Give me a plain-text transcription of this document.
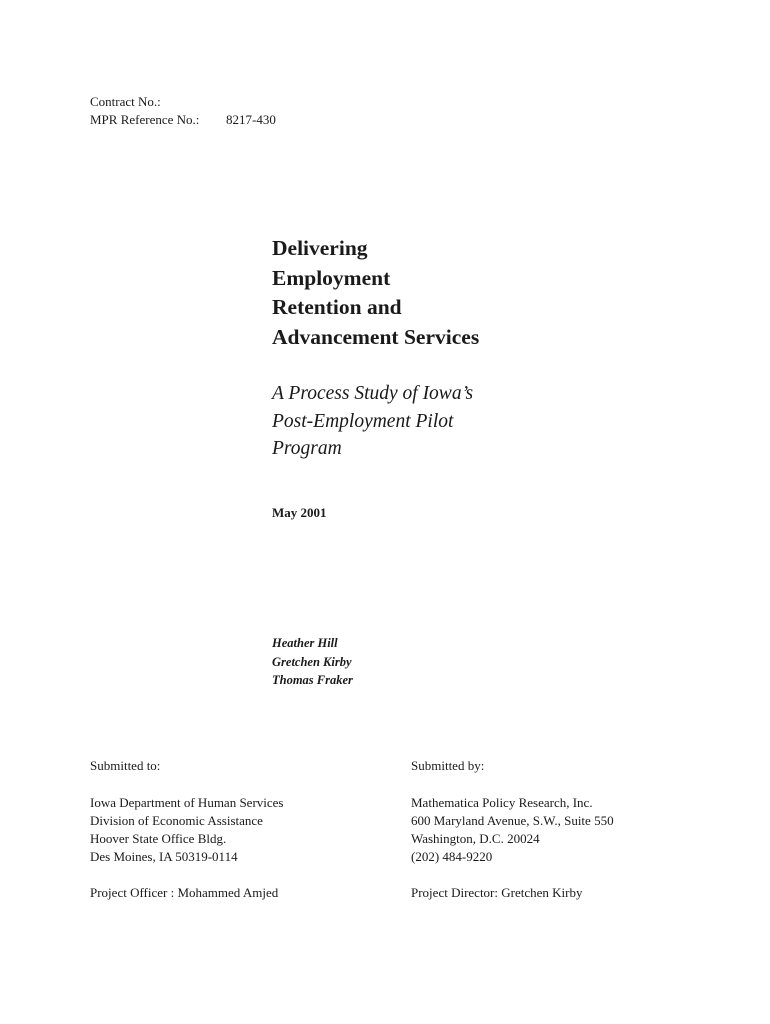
Contract No.:
MPR Reference No.:	8217-430
Delivering
Employment
Retention and
Advancement Services
A Process Study of Iowa’s
Post-Employment Pilot
Program
May 2001
Heather Hill
Gretchen Kirby
Thomas Fraker
Submitted to:
Iowa Department of Human Services
Division of Economic Assistance
Hoover State Office Bldg.
Des Moines, IA 50319-0114
Project Officer : Mohammed Amjed
Submitted by:
Mathematica Policy Research, Inc.
600 Maryland Avenue, S.W., Suite 550
Washington, D.C. 20024
(202) 484-9220
Project Director: Gretchen Kirby
